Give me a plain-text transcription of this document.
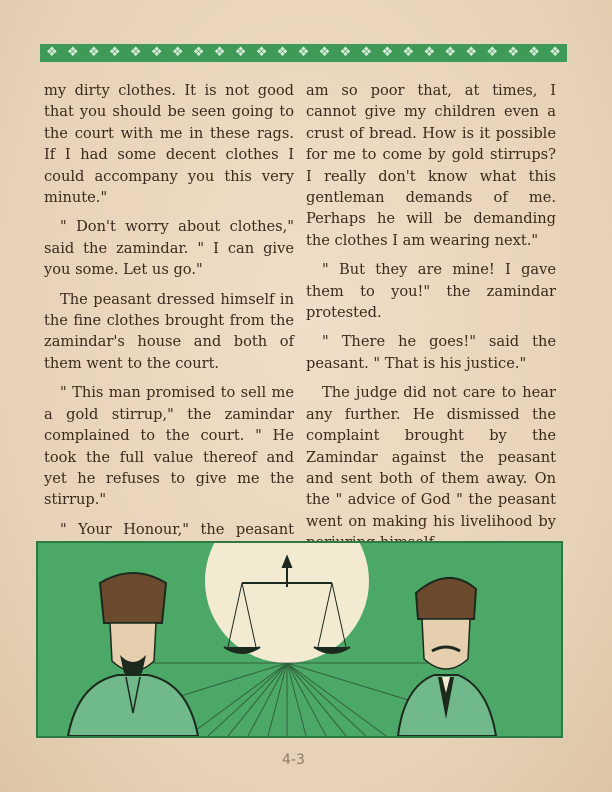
❖ ❖ ❖ ❖ ❖ ❖ ❖ ❖ ❖ ❖ ❖ ❖ ❖ ❖ ❖ ❖ ❖ ❖ ❖ ❖ ❖ ❖ ❖ ❖ ❖

my dirty clothes. It is not good that you should be seen going to the court with me in these rags. If I had some decent clothes I could accompany you this very minute."

" Don't worry about clothes," said the zamindar. " I can give you some. Let us go."

The peasant dressed himself in the fine clothes brought from the zamindar's house and both of them went to the court.

" This man promised to sell me a gold stirrup," the zamindar complained to the court. " He took the full value thereof and yet he refuses to give me the stirrup."

" Your Honour," the peasant

am so poor that, at times, I cannot give my children even a crust of bread. How is it possible for me to come by gold stirrups? I really don't know what this gentleman demands of me. Perhaps he will be demanding the clothes I am wearing next."

" But they are mine! I gave them to you!" the zamindar protested.

" There he goes!" said the peasant. " That is his justice."

The judge did not care to hear any further. He dismissed the complaint brought by the Zamindar against the peasant and sent both of them away. On the " advice of God " the peasant went on making his livelihood by

4-3
